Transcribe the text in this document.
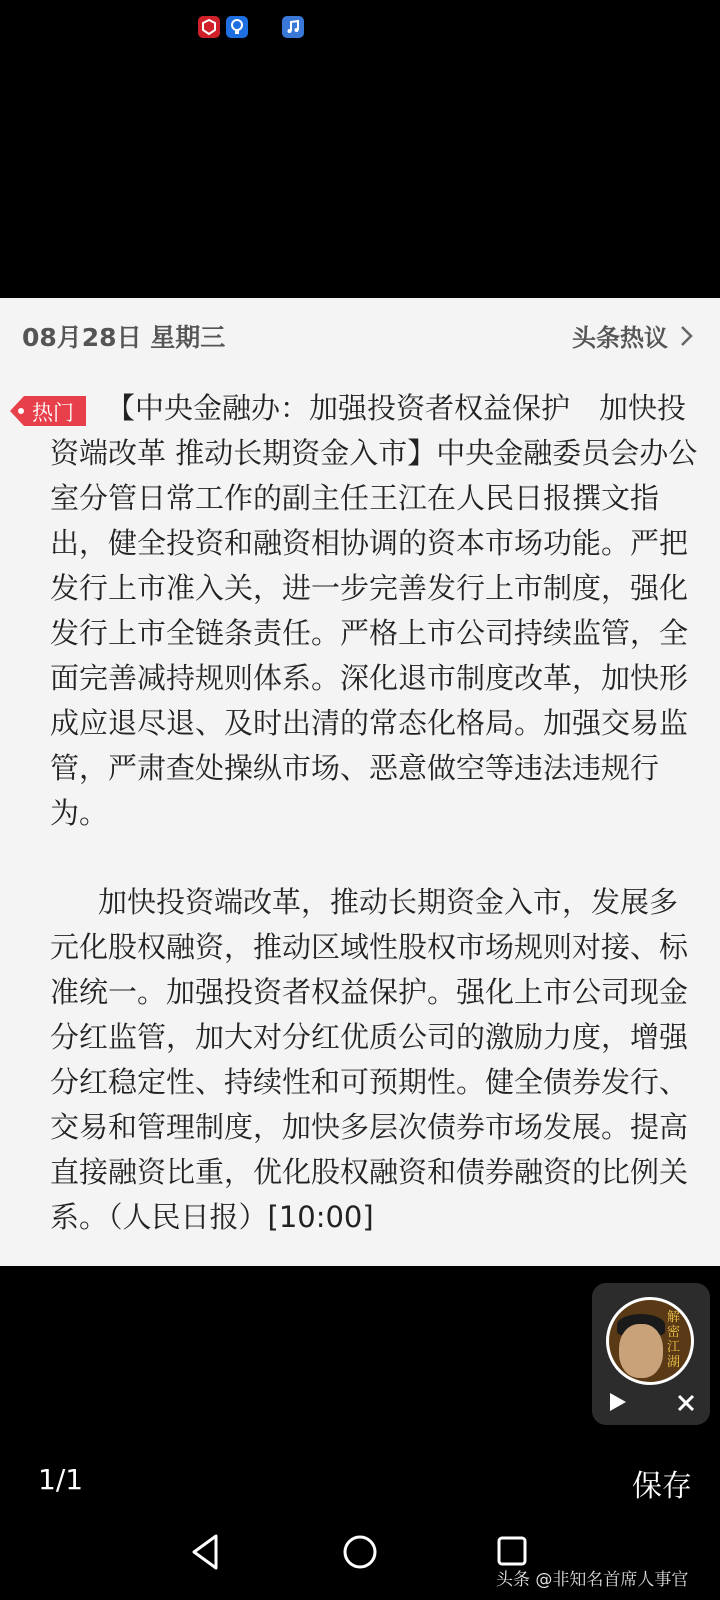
08月28日 星期三	头条热议
热门	【中央金融办：加强投资者权益保护　加快投资端改革 推动长期资金入市】中央金融委员会办公室分管日常工作的副主任王江在人民日报撰文指出，健全投资和融资相协调的资本市场功能。严把发行上市准入关，进一步完善发行上市制度，强化发行上市全链条责任。严格上市公司持续监管，全面完善减持规则体系。深化退市制度改革，加快形成应退尽退、及时出清的常态化格局。加强交易监管，严肃查处操纵市场、恶意做空等违法违规行为。

加快投资端改革，推动长期资金入市，发展多元化股权融资，推动区域性股权市场规则对接、标准统一。加强投资者权益保护。强化上市公司现金分红监管，加大对分红优质公司的激励力度，增强分红稳定性、持续性和可预期性。健全债券发行、交易和管理制度，加快多层次债券市场发展。提高直接融资比重，优化股权融资和债券融资的比例关系。（人民日报）[10:00]

解密江湖
1/1	保存
头条 @非知名首席人事官
